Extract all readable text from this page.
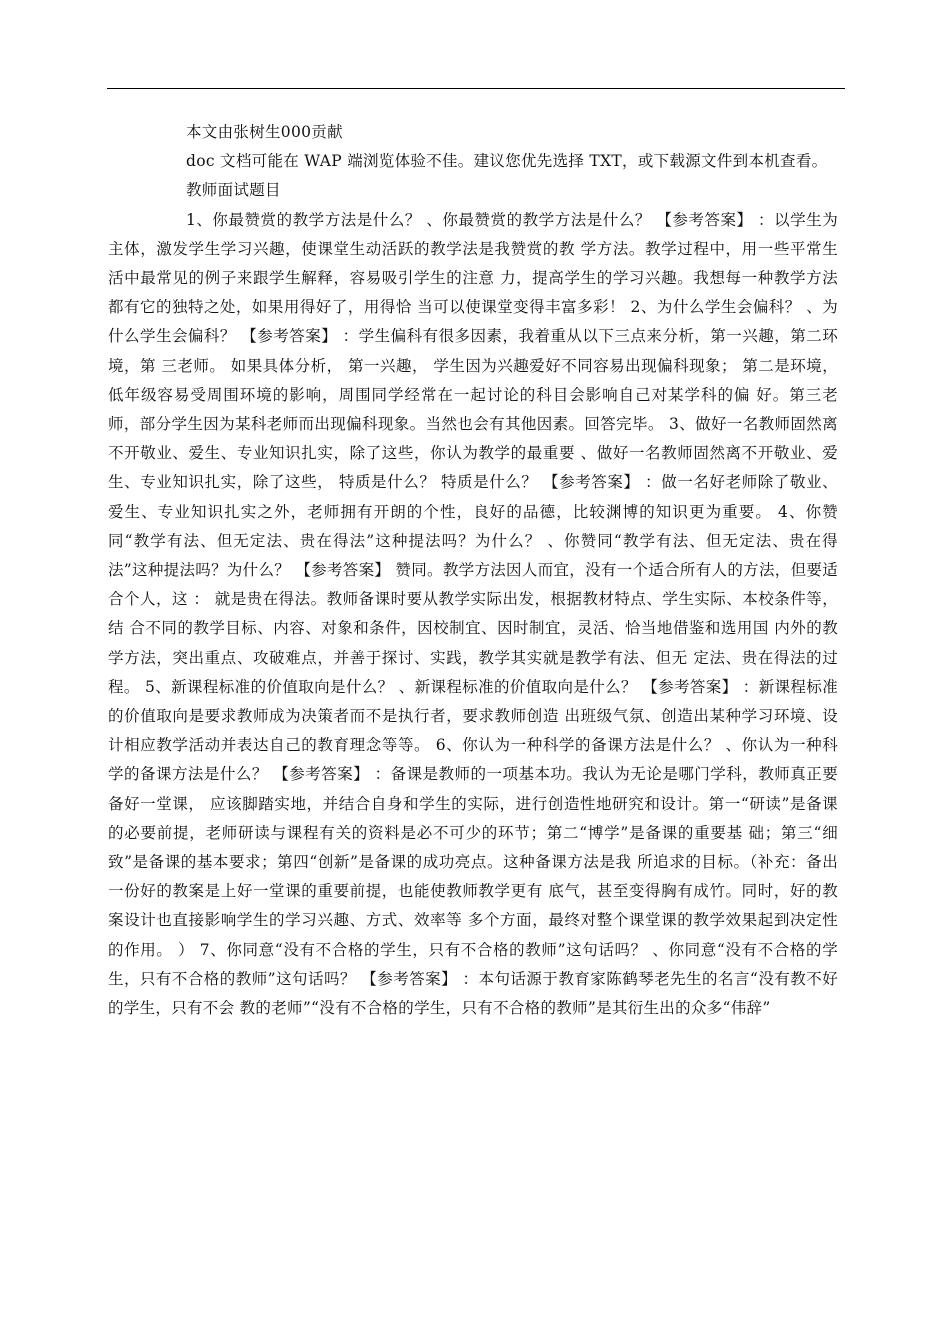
本文由张树生000贡献

doc 文档可能在 WAP 端浏览体验不佳。建议您优先选择 TXT，或下载源文件到本机查看。

教师面试题目

1、你最赞赏的教学方法是什么？ 、你最赞赏的教学方法是什么？ 【参考答案】 ：以学生为主体，激发学生学习兴趣，使课堂生动活跃的教学法是我赞赏的教 学方法。教学过程中，用一些平常生活中最常见的例子来跟学生解释，容易吸引学生的注意 力，提高学生的学习兴趣。我想每一种教学方法都有它的独特之处，如果用得好了，用得恰 当可以使课堂变得丰富多彩！ 2、为什么学生会偏科？ 、为什么学生会偏科？ 【参考答案】 ：学生偏科有很多因素，我着重从以下三点来分析，第一兴趣，第二环境，第 三老师。 如果具体分析， 第一兴趣， 学生因为兴趣爱好不同容易出现偏科现象； 第二是环境， 低年级容易受周围环境的影响，周围同学经常在一起讨论的科目会影响自己对某学科的偏 好。第三老师，部分学生因为某科老师而出现偏科现象。当然也会有其他因素。回答完毕。 3、做好一名教师固然离不开敬业、爱生、专业知识扎实，除了这些，你认为教学的最重要 、做好一名教师固然离不开敬业、爱生、专业知识扎实，除了这些， 特质是什么？ 特质是什么？ 【参考答案】 ：做一名好老师除了敬业、爱生、专业知识扎实之外，老师拥有开朗的个性，良好的品德，比较渊博的知识更为重要。 4、你赞同“教学有法、但无定法、贵在得法”这种提法吗？为什么？ 、你赞同“教学有法、但无定法、贵在得法”这种提法吗？为什么？ 【参考答案】 赞同。教学方法因人而宜，没有一个适合所有人的方法，但要适合个人，这 ： 就是贵在得法。教师备课时要从教学实际出发，根据教材特点、学生实际、本校条件等，结 合不同的教学目标、内容、对象和条件，因校制宜、因时制宜，灵活、恰当地借鉴和选用国 内外的教学方法，突出重点、攻破难点，并善于探讨、实践，教学其实就是教学有法、但无 定法、贵在得法的过程。 5、新课程标准的价值取向是什么？ 、新课程标准的价值取向是什么？ 【参考答案】 ：新课程标准的价值取向是要求教师成为决策者而不是执行者，要求教师创造 出班级气氛、创造出某种学习环境、设计相应教学活动并表达自己的教育理念等等。 6、你认为一种科学的备课方法是什么？ 、你认为一种科学的备课方法是什么？ 【参考答案】 ：备课是教师的一项基本功。我认为无论是哪门学科，教师真正要备好一堂课， 应该脚踏实地，并结合自身和学生的实际，进行创造性地研究和设计。第一“研读”是备课 的必要前提，老师研读与课程有关的资料是必不可少的环节；第二“博学”是备课的重要基 础；第三“细致”是备课的基本要求；第四“创新”是备课的成功亮点。这种备课方法是我 所追求的目标。（补充：备出一份好的教案是上好一堂课的重要前提，也能使教师教学更有 底气，甚至变得胸有成竹。同时，好的教案设计也直接影响学生的学习兴趣、方式、效率等 多个方面，最终对整个课堂课的教学效果起到决定性的作用。 ） 7、你同意“没有不合格的学生，只有不合格的教师”这句话吗？ 、你同意“没有不合格的学生，只有不合格的教师”这句话吗？ 【参考答案】 ：本句话源于教育家陈鹤琴老先生的名言“没有教不好的学生，只有不会 教的老师”“没有不合格的学生，只有不合格的教师”是其衍生出的众多“伟辞”
